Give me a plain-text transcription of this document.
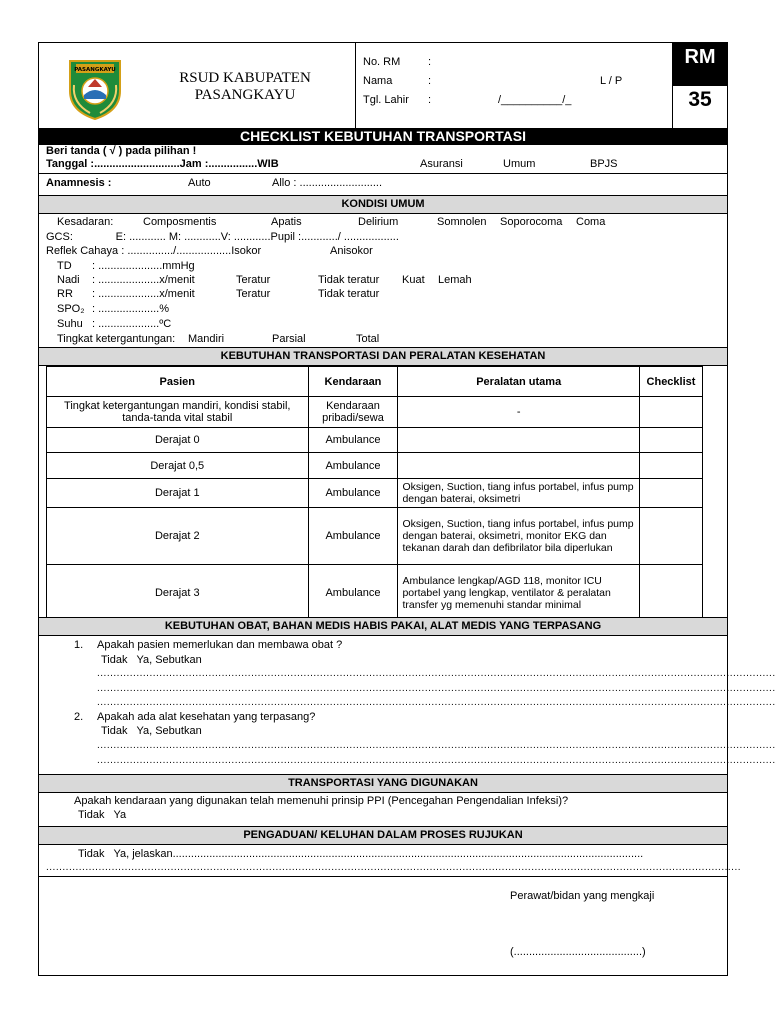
PASANGKAYU	RSUD KABUPATEN
PASANGKAYU
No. RM	:
Nama	:	L / P
Tgl. Lahir :	/__________/_
RM
35
CHECKLIST KEBUTUHAN TRANSPORTASI
Beri tanda ( √ ) pada pilihan !
Tanggal :............................Jam :................WIB	Asuransi	Umum	BPJS
Anamnesis :	Auto	Allo : ...........................
KONDISI UMUM
Kesadaran:	Composmentis	Apatis	Delirium	Somnolen Soporocoma Coma
GCS:              E: ............ M: ............V: ............Pupil :............/ ..................
Reflek Cahaya : .............../..................Isokor	Anisokor
TD : .....................mmHg
Nadi : ....................x/menit	Teratur	Tidak teratur Kuat Lemah
RR : ....................x/menit	Teratur	Tidak teratur
SPO₂ : ....................%
Suhu : ....................ºC
Tingkat ketergantungan: Mandiri	Parsial	Total
KEBUTUHAN TRANSPORTASI DAN PERALATAN KESEHATAN
Pasien	Kendaraan	Peralatan utama	Checklist
Tingkat ketergantungan mandiri, kondisi stabil, tanda-tanda vital stabil	Kendaraan pribadi/sewa	-	
Derajat 0	Ambulance		
Derajat 0,5	Ambulance		
Derajat 1	Ambulance	Oksigen, Suction, tiang infus portabel, infus pump dengan baterai, oksimetri	
Derajat 2	Ambulance	Oksigen, Suction, tiang infus portabel, infus pump dengan baterai, oksimetri, monitor EKG dan tekanan darah dan defibrilator bila diperlukan	
Derajat 3	Ambulance	Ambulance lengkap/AGD 118, monitor ICU portabel yang lengkap, ventilator & peralatan transfer yg memenuhi standar minimal	
KEBUTUHAN OBAT, BAHAN MEDIS HABIS PAKAI, ALAT MEDIS YANG TERPASANG
1. Apakah pasien memerlukan dan membawa obat ?
Tidak   Ya, Sebutkan
...............................................................................................................................................................................................................
...............................................................................................................................................................................................................
...............................................................................................................................................................................................................
2. Apakah ada alat kesehatan yang terpasang?
Tidak   Ya, Sebutkan
...............................................................................................................................................................................................................
...............................................................................................................................................................................................................
TRANSPORTASI YANG DIGUNAKAN
Apakah kendaraan yang digunakan telah memenuhi prinsip PPI (Pencegahan Pengendalian Infeksi)?
Tidak   Ya
PENGADUAN/ KELUHAN DALAM PROSES RUJUKAN
Tidak   Ya, jelaskan..........................................................................................................................................................
....................................................................................................................................................................................................................
Perawat/bidan yang mengkaji
(..........................................)
